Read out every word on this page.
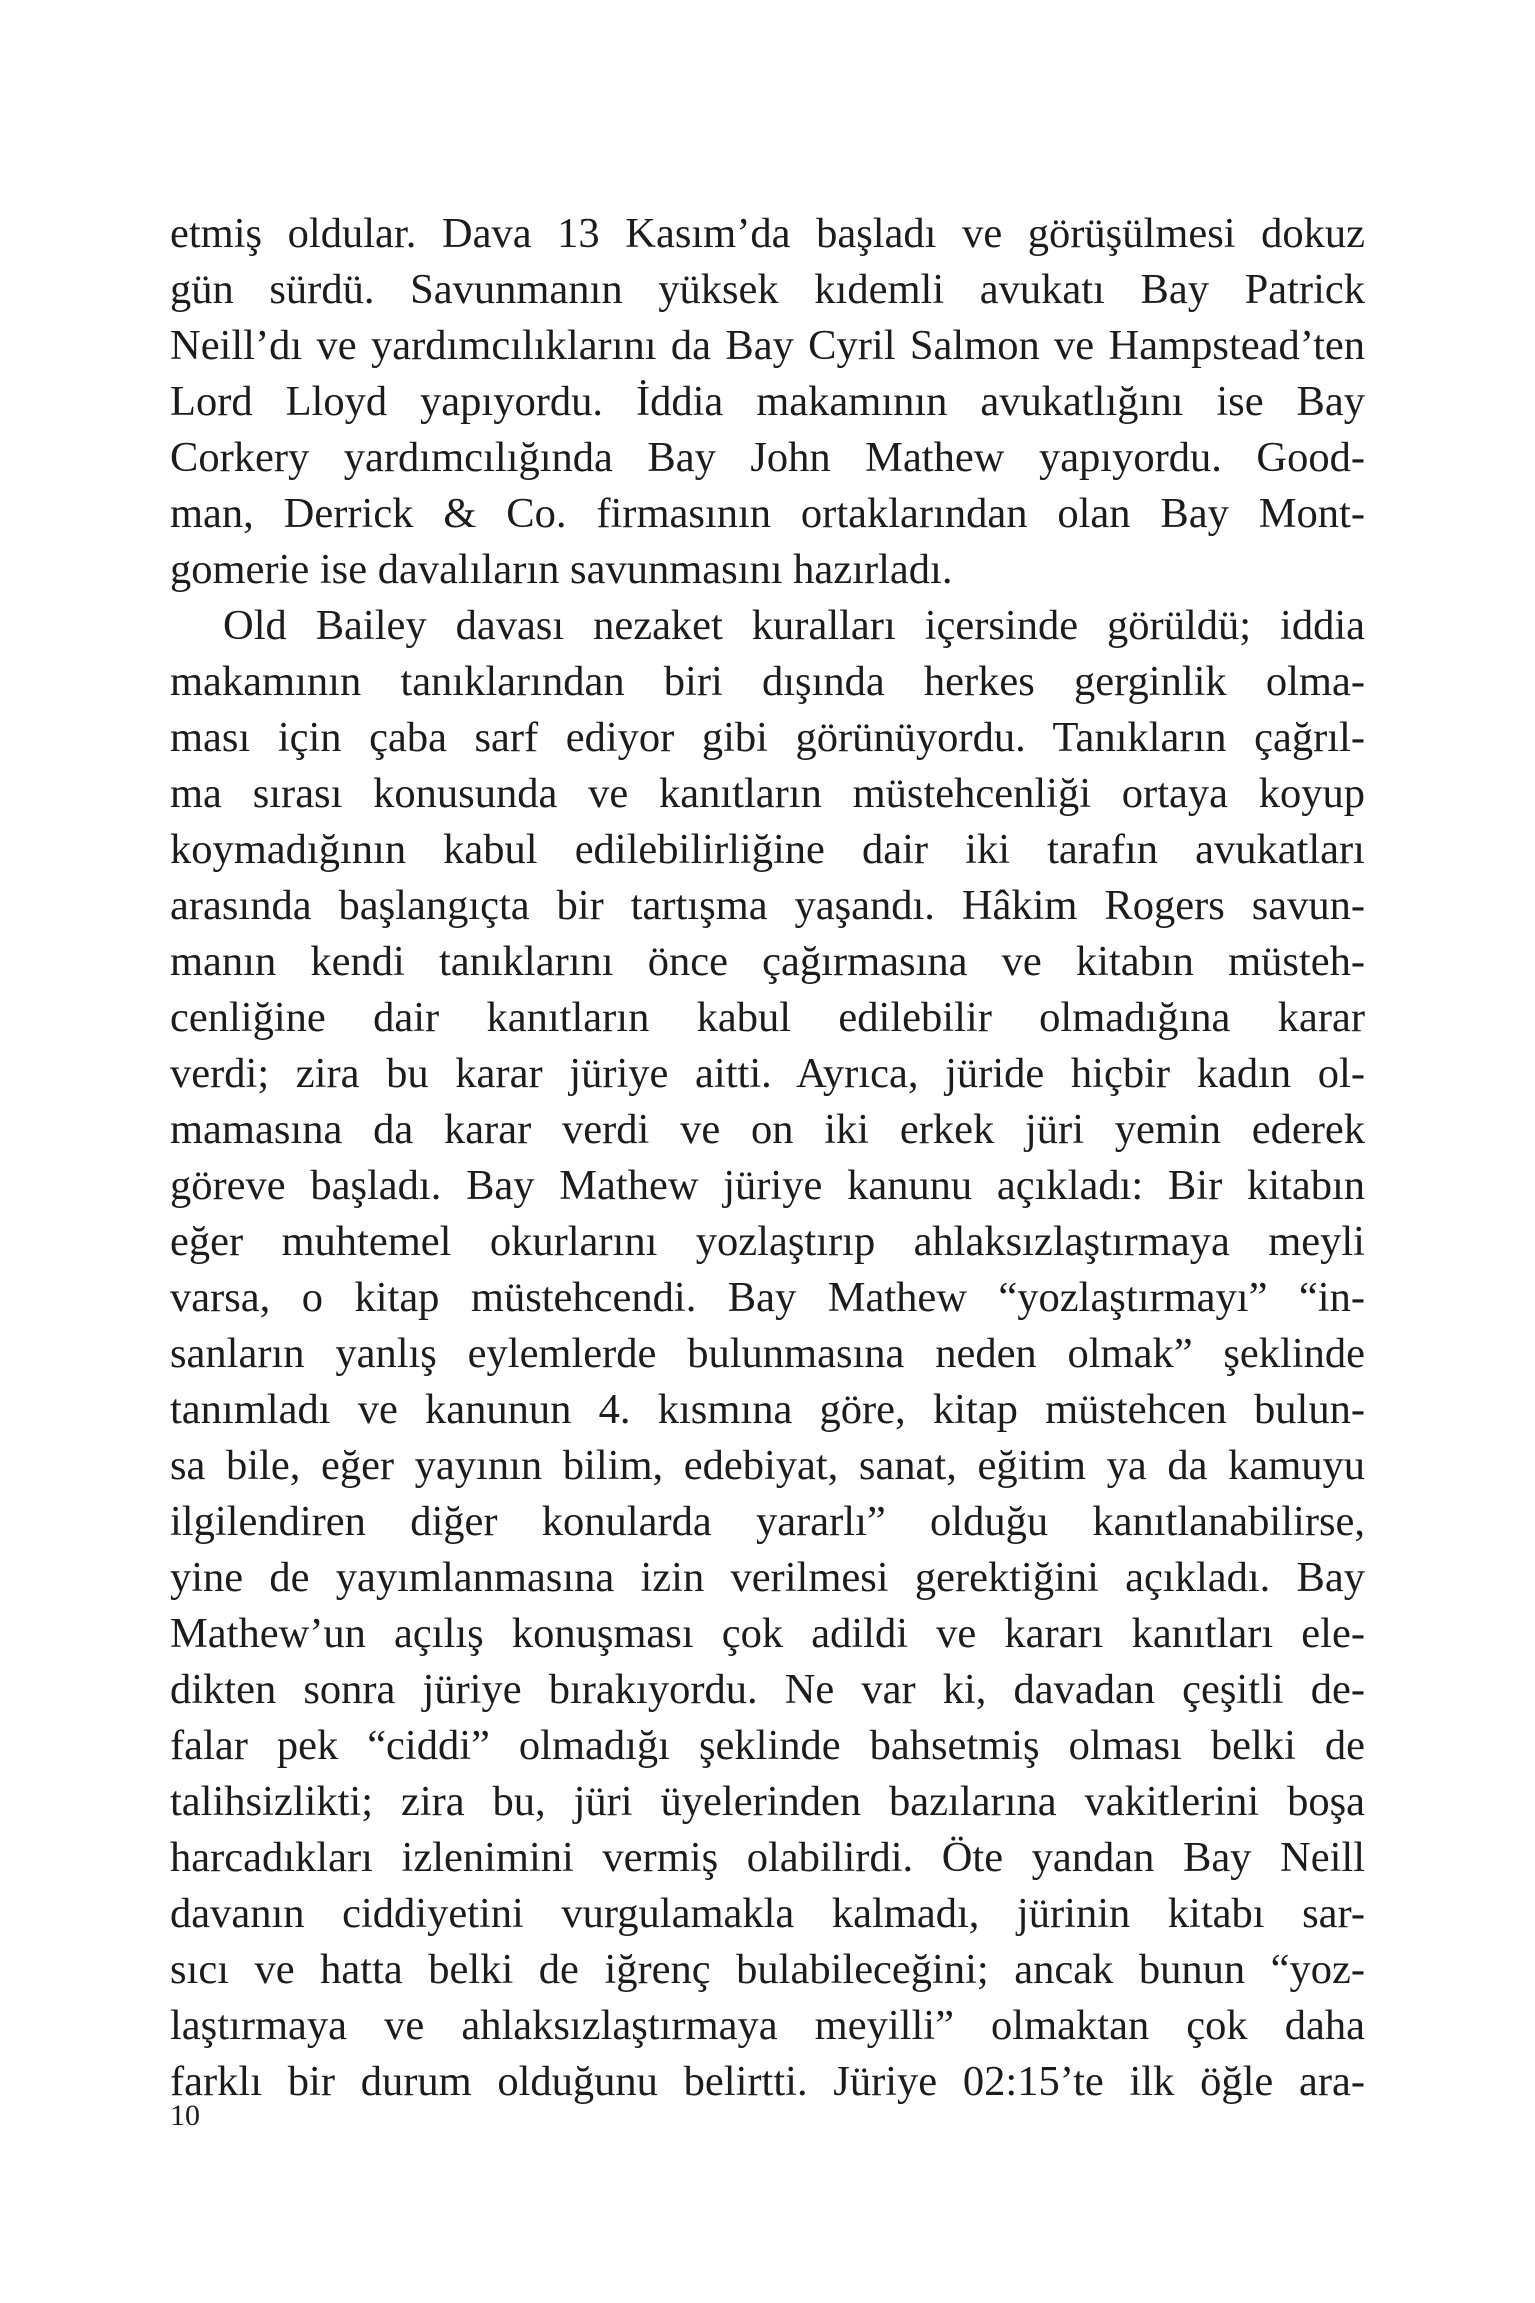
etmiş oldular. Dava 13 Kasım’da başladı ve görüşülmesi dokuz
gün sürdü. Savunmanın yüksek kıdemli avukatı Bay Patrick
Neill’dı ve yardımcılıklarını da Bay Cyril Salmon ve Hampstead’ten
Lord Lloyd yapıyordu. İddia makamının avukatlığını ise Bay
Corkery yardımcılığında Bay John Mathew yapıyordu. Good-
man, Derrick & Co. firmasının ortaklarından olan Bay Mont-
gomerie ise davalıların savunmasını hazırladı.
Old Bailey davası nezaket kuralları içersinde görüldü; iddia
makamının tanıklarından biri dışında herkes gerginlik olma-
ması için çaba sarf ediyor gibi görünüyordu. Tanıkların çağrıl-
ma sırası konusunda ve kanıtların müstehcenliği ortaya koyup
koymadığının kabul edilebilirliğine dair iki tarafın avukatları
arasında başlangıçta bir tartışma yaşandı. Hâkim Rogers savun-
manın kendi tanıklarını önce çağırmasına ve kitabın müsteh-
cenliğine dair kanıtların kabul edilebilir olmadığına karar
verdi; zira bu karar jüriye aitti. Ayrıca, jüride hiçbir kadın ol-
mamasına da karar verdi ve on iki erkek jüri yemin ederek
göreve başladı. Bay Mathew jüriye kanunu açıkladı: Bir kitabın
eğer muhtemel okurlarını yozlaştırıp ahlaksızlaştırmaya meyli
varsa, o kitap müstehcendi. Bay Mathew “yozlaştırmayı” “in-
sanların yanlış eylemlerde bulunmasına neden olmak” şeklinde
tanımladı ve kanunun 4. kısmına göre, kitap müstehcen bulun-
sa bile, eğer yayının bilim, edebiyat, sanat, eğitim ya da kamuyu
ilgilendiren diğer konularda yararlı” olduğu kanıtlanabilirse,
yine de yayımlanmasına izin verilmesi gerektiğini açıkladı. Bay
Mathew’un açılış konuşması çok adildi ve kararı kanıtları ele-
dikten sonra jüriye bırakıyordu. Ne var ki, davadan çeşitli de-
falar pek “ciddi” olmadığı şeklinde bahsetmiş olması belki de
talihsizlikti; zira bu, jüri üyelerinden bazılarına vakitlerini boşa
harcadıkları izlenimini vermiş olabilirdi. Öte yandan Bay Neill
davanın ciddiyetini vurgulamakla kalmadı, jürinin kitabı sar-
sıcı ve hatta belki de iğrenç bulabileceğini; ancak bunun “yoz-
laştırmaya ve ahlaksızlaştırmaya meyilli” olmaktan çok daha
farklı bir durum olduğunu belirtti. Jüriye 02:15’te ilk öğle ara-
10
